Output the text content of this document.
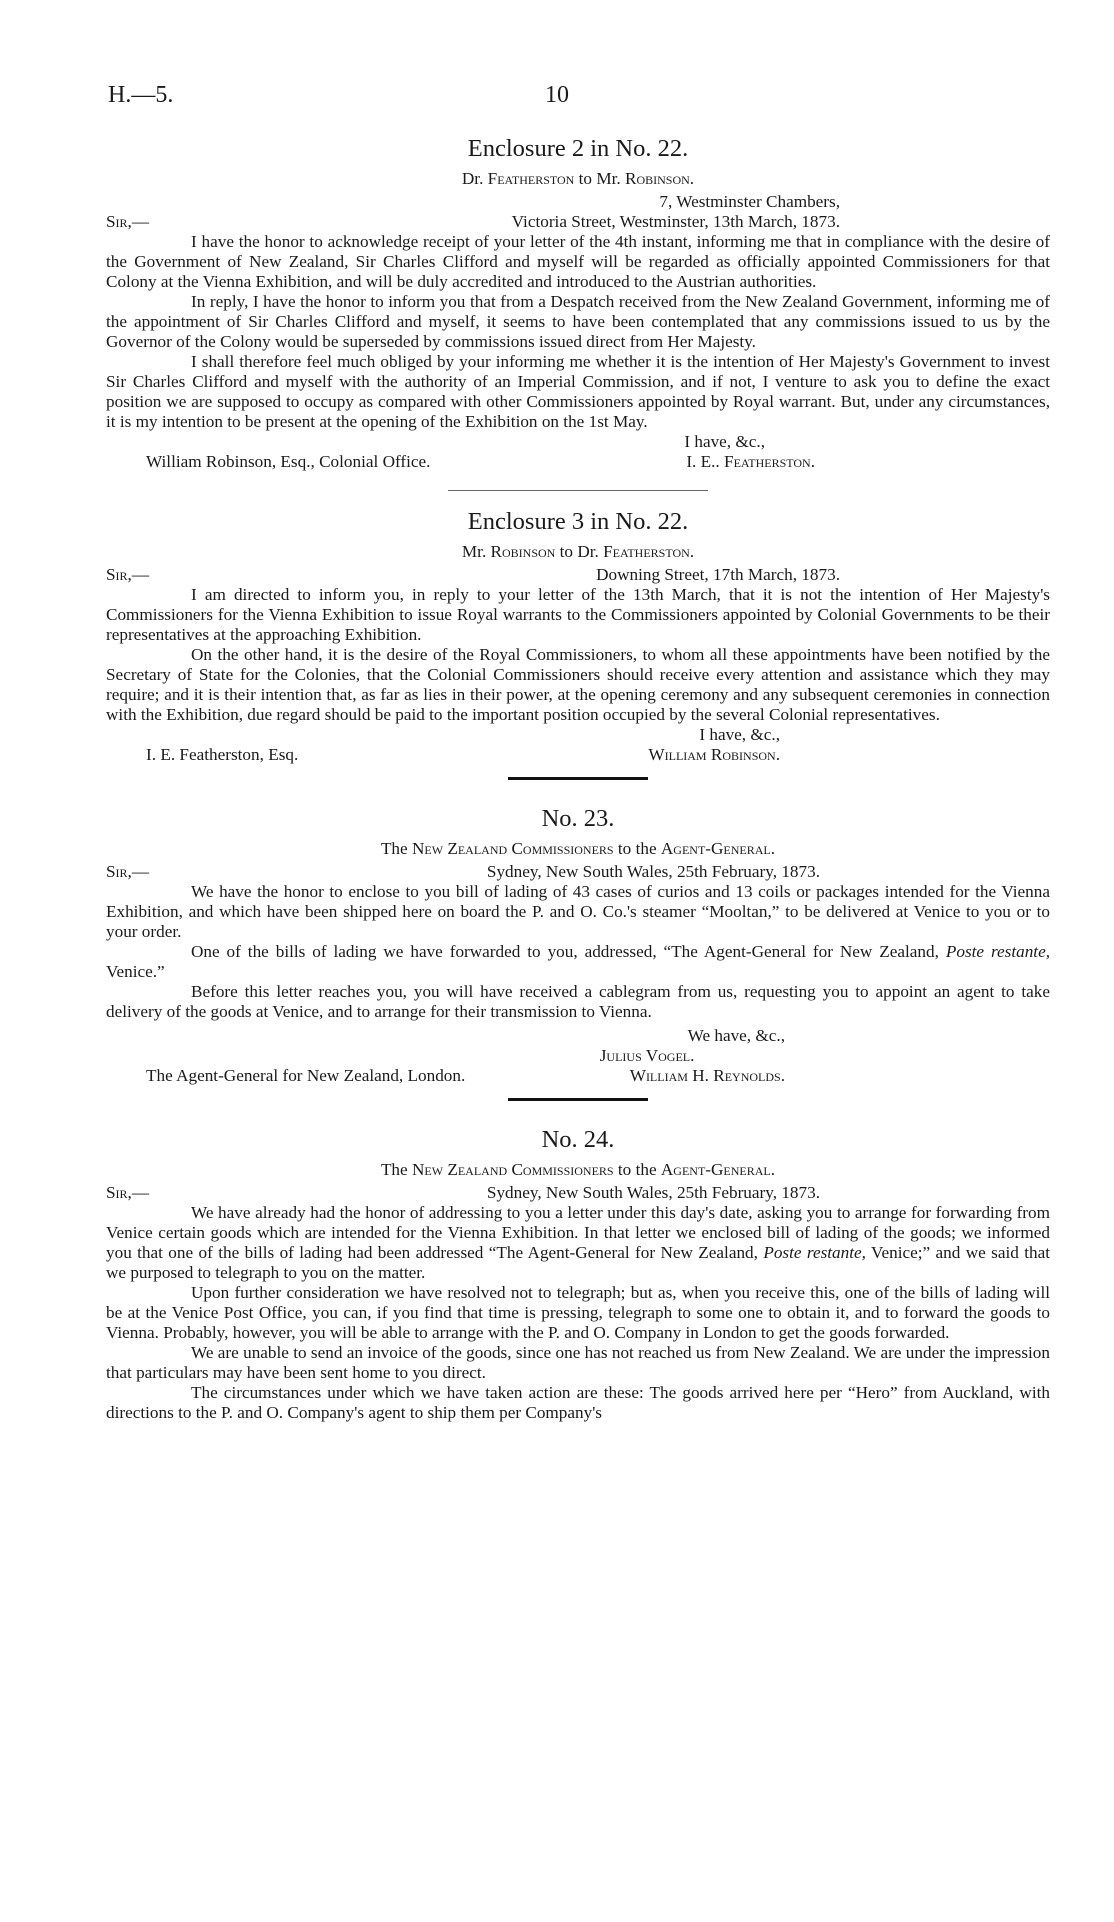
H.—5.	10
Enclosure 2 in No. 22.
Dr. Featherston to Mr. Robinson.
7, Westminster Chambers,
Sir,—	Victoria Street, Westminster, 13th March, 1873.

I have the honor to acknowledge receipt of your letter of the 4th instant, informing me that in compliance with the desire of the Government of New Zealand, Sir Charles Clifford and myself will be regarded as officially appointed Commissioners for that Colony at the Vienna Exhibition, and will be duly accredited and introduced to the Austrian authorities.

In reply, I have the honor to inform you that from a Despatch received from the New Zealand Government, informing me of the appointment of Sir Charles Clifford and myself, it seems to have been contemplated that any commissions issued to us by the Governor of the Colony would be superseded by commissions issued direct from Her Majesty.

I shall therefore feel much obliged by your informing me whether it is the intention of Her Majesty's Government to invest Sir Charles Clifford and myself with the authority of an Imperial Commission, and if not, I venture to ask you to define the exact position we are supposed to occupy as compared with other Commissioners appointed by Royal warrant. But, under any circumstances, it is my intention to be present at the opening of the Exhibition on the 1st May.

I have, &c.,
William Robinson, Esq., Colonial Office.	I. E.. Featherston.
Enclosure 3 in No. 22.
Mr. Robinson to Dr. Featherston.
Sir,—	Downing Street, 17th March, 1873.

I am directed to inform you, in reply to your letter of the 13th March, that it is not the intention of Her Majesty's Commissioners for the Vienna Exhibition to issue Royal warrants to the Commissioners appointed by Colonial Governments to be their representatives at the approaching Exhibition.

On the other hand, it is the desire of the Royal Commissioners, to whom all these appointments have been notified by the Secretary of State for the Colonies, that the Colonial Commissioners should receive every attention and assistance which they may require; and it is their intention that, as far as lies in their power, at the opening ceremony and any subsequent ceremonies in connection with the Exhibition, due regard should be paid to the important position occupied by the several Colonial representatives.

I have, &c.,
I. E. Featherston, Esq.	William Robinson.
No. 23.
The New Zealand Commissioners to the Agent-General.
Sir,—	Sydney, New South Wales, 25th February, 1873.

We have the honor to enclose to you bill of lading of 43 cases of curios and 13 coils or packages intended for the Vienna Exhibition, and which have been shipped here on board the P. and O. Co.'s steamer “Mooltan,” to be delivered at Venice to you or to your order.

One of the bills of lading we have forwarded to you, addressed, “The Agent-General for New Zealand, Poste restante, Venice.”

Before this letter reaches you, you will have received a cablegram from us, requesting you to appoint an agent to take delivery of the goods at Venice, and to arrange for their transmission to Vienna.

We have, &c.,
The Agent-General for New Zealand, London.
Julius Vogel.
William H. Reynolds.
No. 24.
The New Zealand Commissioners to the Agent-General.
Sir,—	Sydney, New South Wales, 25th February, 1873.

We have already had the honor of addressing to you a letter under this day's date, asking you to arrange for forwarding from Venice certain goods which are intended for the Vienna Exhibition. In that letter we enclosed bill of lading of the goods; we informed you that one of the bills of lading had been addressed “The Agent-General for New Zealand, Poste restante, Venice;” and we said that we purposed to telegraph to you on the matter.

Upon further consideration we have resolved not to telegraph; but as, when you receive this, one of the bills of lading will be at the Venice Post Office, you can, if you find that time is pressing, telegraph to some one to obtain it, and to forward the goods to Vienna. Probably, however, you will be able to arrange with the P. and O. Company in London to get the goods forwarded.

We are unable to send an invoice of the goods, since one has not reached us from New Zealand. We are under the impression that particulars may have been sent home to you direct.

The circumstances under which we have taken action are these: The goods arrived here per “Hero” from Auckland, with directions to the P. and O. Company's agent to ship them per Company's
